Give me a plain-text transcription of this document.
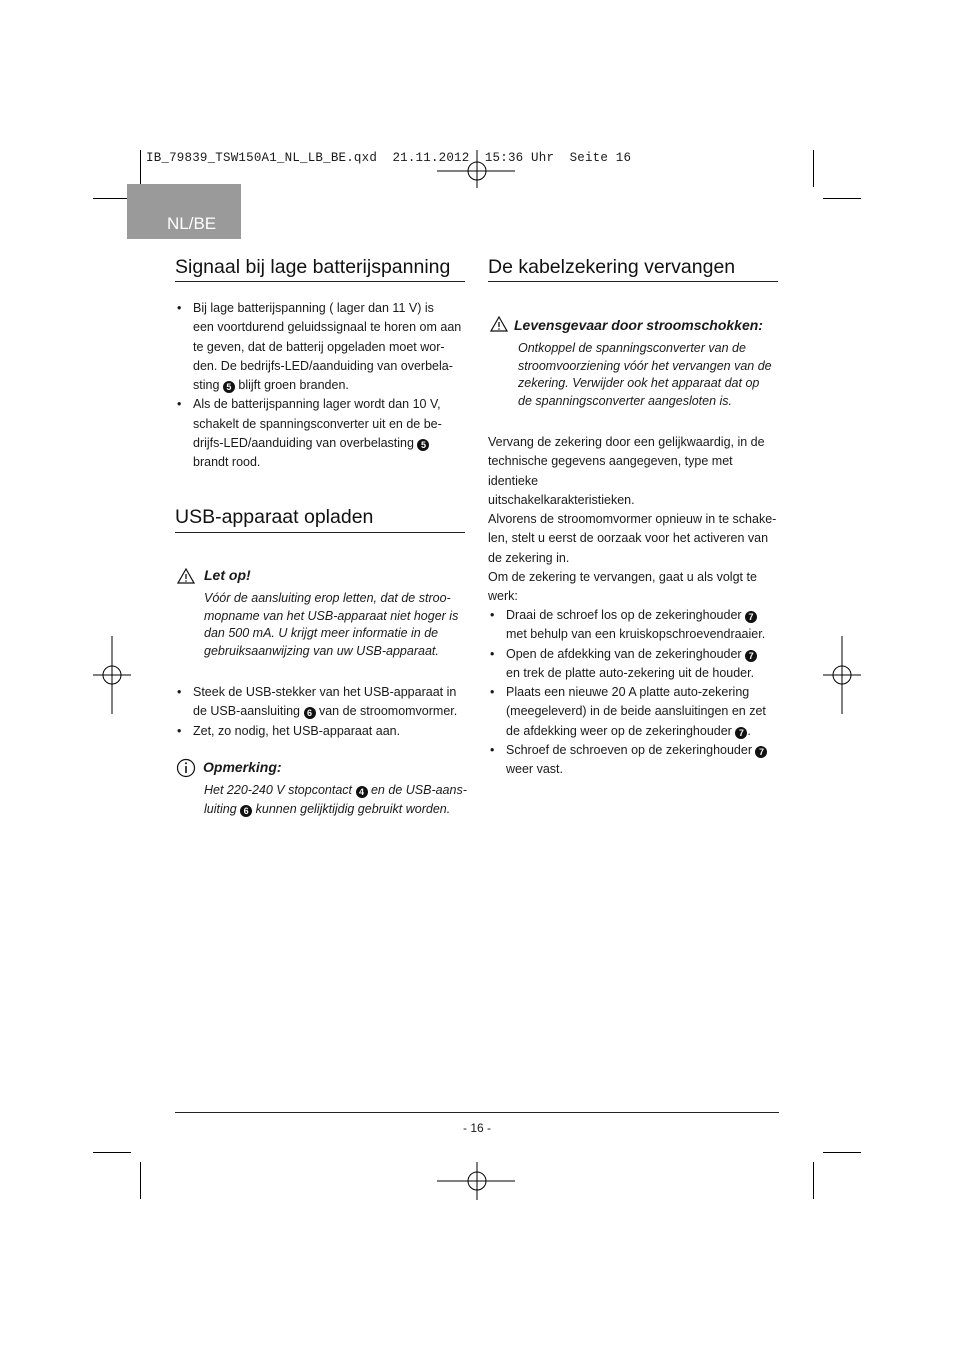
IB_79839_TSW150A1_NL_LB_BE.qxd  21.11.2012  15:36 Uhr  Seite 16
NL/BE
Signaal bij lage batterijspanning
• Bij lage batterijspanning ( lager dan 11 V) is
een voortdurend geluidssignaal te horen om aan
te geven, dat de batterij opgeladen moet wor-
den. De bedrijfs-LED/aanduiding van overbela-
sting 5 blijft groen branden.
• Als de batterijspanning lager wordt dan 10 V,
schakelt de spanningsconverter uit en de be-
drijfs-LED/aanduiding van overbelasting 5
brandt rood.
USB-apparaat opladen
Let op!
Vóór de aansluiting erop letten, dat de stroo-
mopname van het USB-apparaat niet hoger is
dan 500 mA. U krijgt meer informatie in de
gebruiksaanwijzing van uw USB-apparaat.
• Steek de USB-stekker van het USB-apparaat in
de USB-aansluiting 6 van de stroomomvormer.
• Zet, zo nodig, het USB-apparaat aan.
Opmerking:
Het 220-240 V stopcontact 4 en de USB-aans-
luiting 6 kunnen gelijktijdig gebruikt worden.
De kabelzekering vervangen
Levensgevaar door stroomschokken:
Ontkoppel de spanningsconverter van de
stroomvoorziening vóór het vervangen van de
zekering. Verwijder ook het apparaat dat op
de spanningsconverter aangesloten is.
Vervang de zekering door een gelijkwaardig, in de
technische gegevens aangegeven, type met identieke
uitschakelkarakteristieken.
Alvorens de stroomomvormer opnieuw in te schake-
len, stelt u eerst de oorzaak voor het activeren van
de zekering in.
Om de zekering te vervangen, gaat u als volgt te
werk:
• Draai de schroef los op de zekeringhouder 7
met behulp van een kruiskopschroevendraaier.
• Open de afdekking van de zekeringhouder 7
en trek de platte auto-zekering uit de houder.
• Plaats een nieuwe 20 A platte auto-zekering
(meegeleverd) in de beide aansluitingen en zet
de afdekking weer op de zekeringhouder 7 .
• Schroef de schroeven op de zekeringhouder 7
weer vast.
- 16 -
